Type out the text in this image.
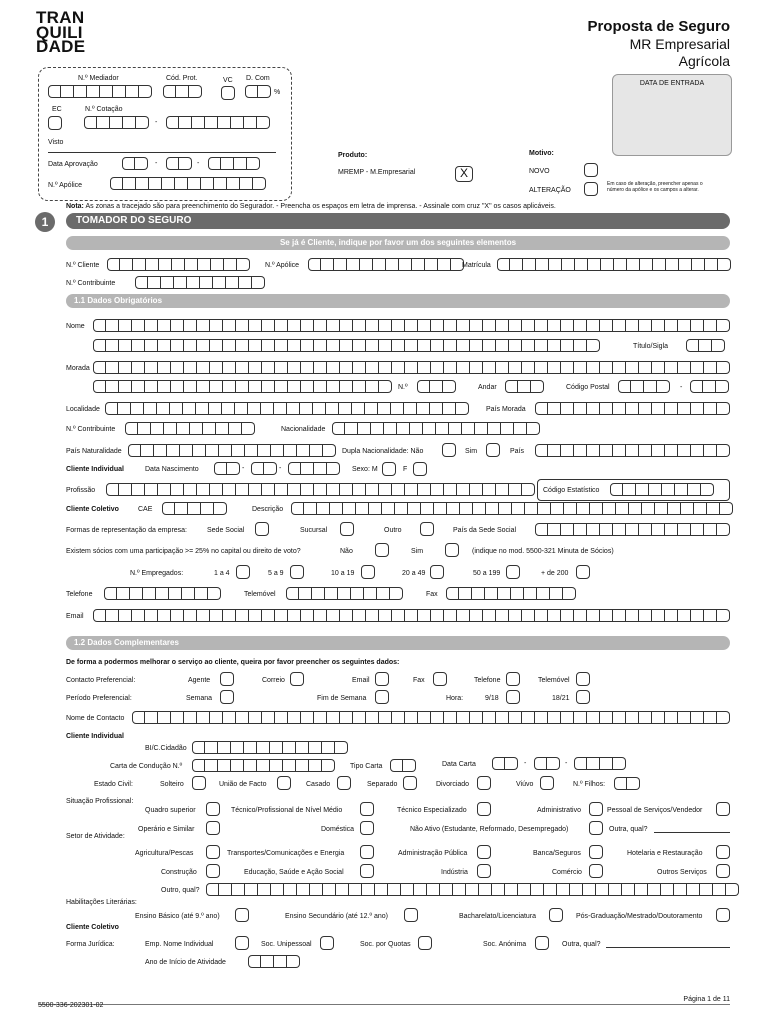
TRAN
QUILI
DADE
Proposta de Seguro
MR Empresarial
Agrícola
DATA DE ENTRADA
N.º Mediador	Cód. Prot.	VC D. Com
%
EC	N.º Cotação
-
Visto
Data Aprovação	-	-
N.º Apólice
Produto:
MREMP - M.Empresarial	X
Motivo:
NOVO
ALTERAÇÃO
Em caso de alteração, preencher apenas o
número da apólice e os campos a alterar.
Nota: As zonas a tracejado são para preenchimento do Segurador. - Preencha os espaços em letra de imprensa. - Assinale com cruz "X" os casos aplicáveis.
1	TOMADOR DO SEGURO
Se já é Cliente, indique por favor um dos seguintes elementos
N.º Cliente	N.º Apólice	Matrícula
N.º Contribuinte
1.1 Dados Obrigatórios
Nome
Título/Sigla
Morada
N.º	Andar	Código Postal	-
Localidade	País Morada
N.º Contribuinte	Nacionalidade
País Naturalidade	Dupla Nacionalidade: Não	Sim	País
Cliente Individual	Data Nascimento	-	-	Sexo: M	F
Profissão	Código Estatístico
Cliente Coletivo	CAE	Descrição
Formas de representação da empresa:	Sede Social	Sucursal	Outro	País da Sede Social
Existem sócios com uma participação >= 25% no capital ou direito de voto?	Não	Sim	(indique no mod. 5500-321 Minuta de Sócios)
N.º Empregados:	1 a 4	5 a 9	10 a 19	20 a 49	50 a 199	+ de 200
Telefone	Telemóvel	Fax
Email
1.2 Dados Complementares
De forma a podermos melhorar o serviço ao cliente, queira por favor preencher os seguintes dados:
Contacto Preferencial:	Agente	Correio	Email	Fax	Telefone	Telemóvel
Período Preferencial:	Semana	Fim de Semana	Hora:	9/18	18/21
Nome de Contacto
Cliente Individual
BI/C.Cidadão
Carta de Condução N.º	Tipo Carta	Data Carta	-	-
Estado Civil:	Solteiro	União de Facto	Casado	Separado	Divorciado	Viúvo	N.º Filhos:
Situação Profissional:
Quadro superior	Técnico/Profissional de Nível Médio	Técnico Especializado	Administrativo	Pessoal de Serviços/Vendedor
Operário e Similar
Setor de Atividade:
Doméstica	Não Ativo (Estudante, Reformado, Desempregado)	Outra, qual?
Agricultura/Pescas	Transportes/Comunicações e Energia	Administração Pública	Banca/Seguros	Hotelaria e Restauração
Construção	Educação, Saúde e Ação Social	Indústria	Comércio	Outros Serviços
Outro, qual?
Habilitações Literárias:
Ensino Básico (até 9.º ano)	Ensino Secundário (até 12.º ano)	Bacharelato/Licenciatura	Pós-Graduação/Mestrado/Doutoramento
Cliente Coletivo
Forma Jurídica:	Emp. Nome Individual	Soc. Unipessoal	Soc. por Quotas	Soc. Anónima	Outra, qual?
Ano de Início de Atividade
5500-336-202301-02
Página 1 de 11
